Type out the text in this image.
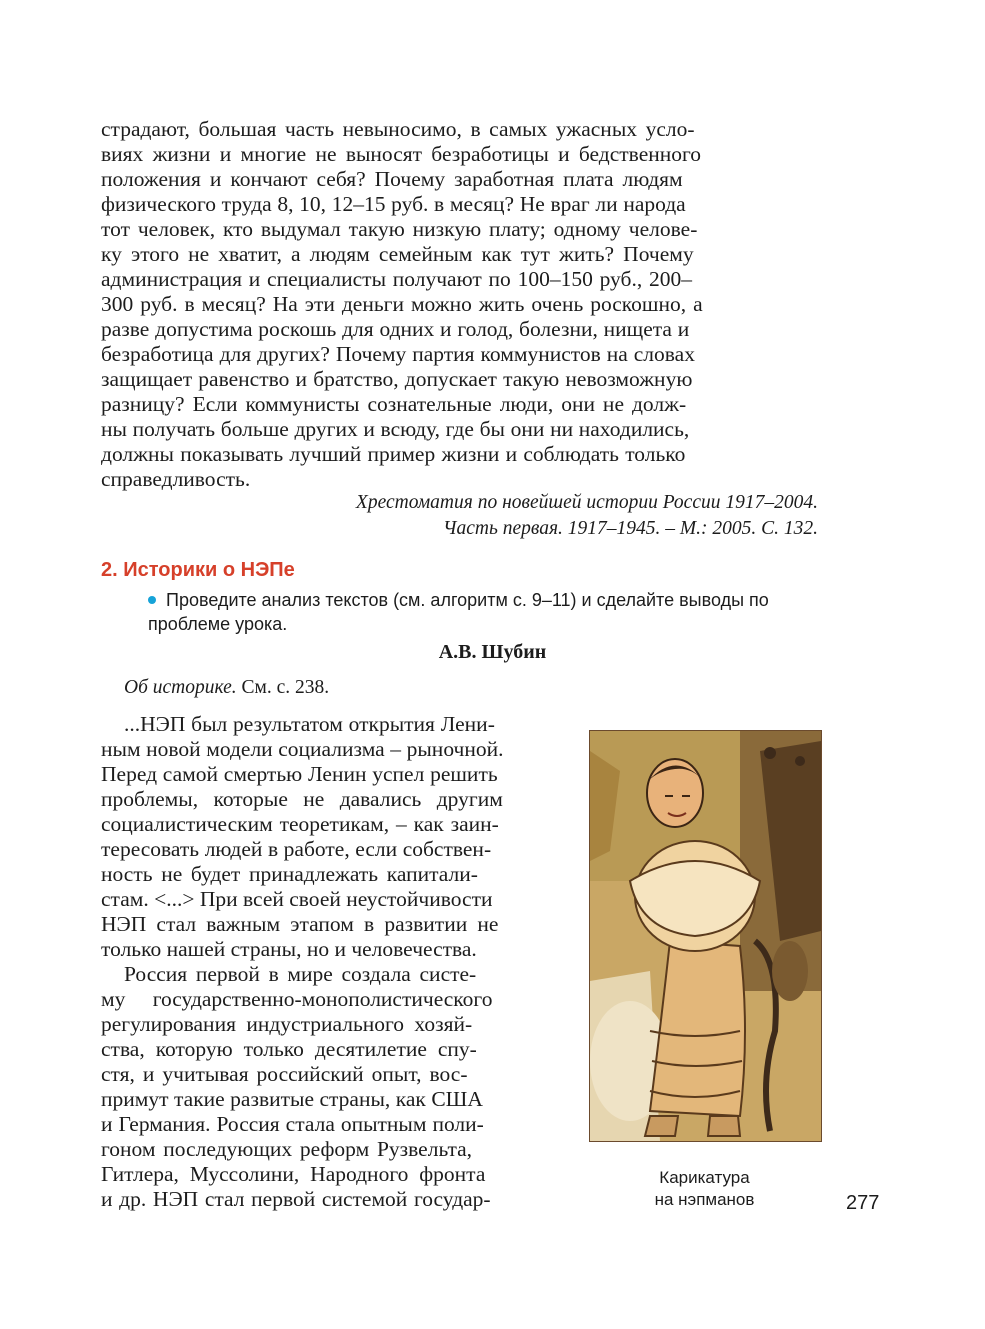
страдают, большая часть невыносимо, в самых ужасных усло-
виях жизни и многие не выносят безработицы и бедственного
положения и кончают себя? Почему заработная плата людям
физического труда 8, 10, 12–15 руб. в месяц? Не враг ли народа
тот человек, кто выдумал такую низкую плату; одному челове-
ку этого не хватит, а людям семейным как тут жить? Почему
администрация и специалисты получают по 100–150 руб., 200–
300 руб. в месяц? На эти деньги можно жить очень роскошно, а
разве допустима роскошь для одних и голод, болезни, нищета и
безработица для других? Почему партия коммунистов на словах
защищает равенство и братство, допускает такую невозможную
разницу? Если коммунисты сознательные люди, они не долж-
ны получать больше других и всюду, где бы они ни находились,
должны показывать лучший пример жизни и соблюдать только
справедливость.
Хрестоматия по новейшей истории России 1917–2004.
Часть первая. 1917–1945. – М.: 2005. С. 132.
2. Историки о НЭПе
Проведите анализ текстов (см. алгоритм с. 9–11) и сделайте выводы по
проблеме урока.
А.В. Шубин
Об историке. См. с. 238.
...НЭП был результатом открытия Лени-
ным новой модели социализма – рыночной.
Перед самой смертью Ленин успел решить
проблемы, которые не давались другим
социалистическим теоретикам, – как заин-
тересовать людей в работе, если собствен-
ность не будет принадлежать капитали-
стам. <...> При всей своей неустойчивости
НЭП стал важным этапом в развитии не
только нашей страны, но и человечества.
Россия первой в мире создала систе-
му государственно-монополистического
регулирования индустриального хозяй-
ства, которую только десятилетие спу-
стя, и учитывая российский опыт, вос-
примут такие развитые страны, как США
и Германия. Россия стала опытным поли-
гоном последующих реформ Рузвельта,
Гитлера, Муссолини, Народного фронта
и др. НЭП стал первой системой государ-
Карикатура
на нэпманов	277
